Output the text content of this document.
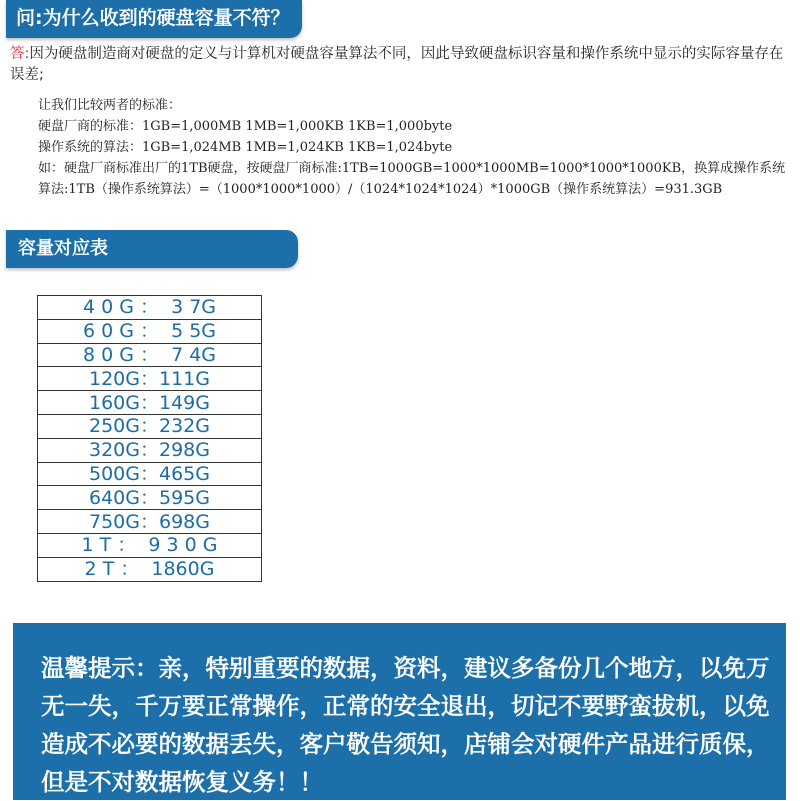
问:为什么收到的硬盘容量不符？
答:因为硬盘制造商对硬盘的定义与计算机对硬盘容量算法不同，因此导致硬盘标识容量和操作系统中显示的实际容量存在误差;
让我们比较两者的标准：
硬盘厂商的标准：1GB=1,000MB 1MB=1,000KB 1KB=1,000byte
操作系统的算法：1GB=1,024MB 1MB=1,024KB 1KB=1,024byte
如：硬盘厂商标准出厂的1TB硬盘，按硬盘厂商标准:1TB=1000GB=1000*1000MB=1000*1000*1000KB，换算成操作系统算法:1TB（操作系统算法）=（1000*1000*1000）/（1024*1024*1024）*1000GB（操作系统算法）=931.3GB
容量对应表
4 0 G ：  3 7G
6 0 G ：  5 5G
8 0 G ：  7 4G
120G：111G
160G：149G
250G：232G
320G：298G
500G：465G
640G：595G
750G：698G
1 T ：  9 3 0 G
2 T ：  1860G

温馨提示：亲，特别重要的数据，资料，建议多备份几个地方，以免万无一失，千万要正常操作，正常的安全退出，切记不要野蛮拔机，以免造成不必要的数据丢失，客户敬告须知，店铺会对硬件产品进行质保，但是不对数据恢复义务！！
